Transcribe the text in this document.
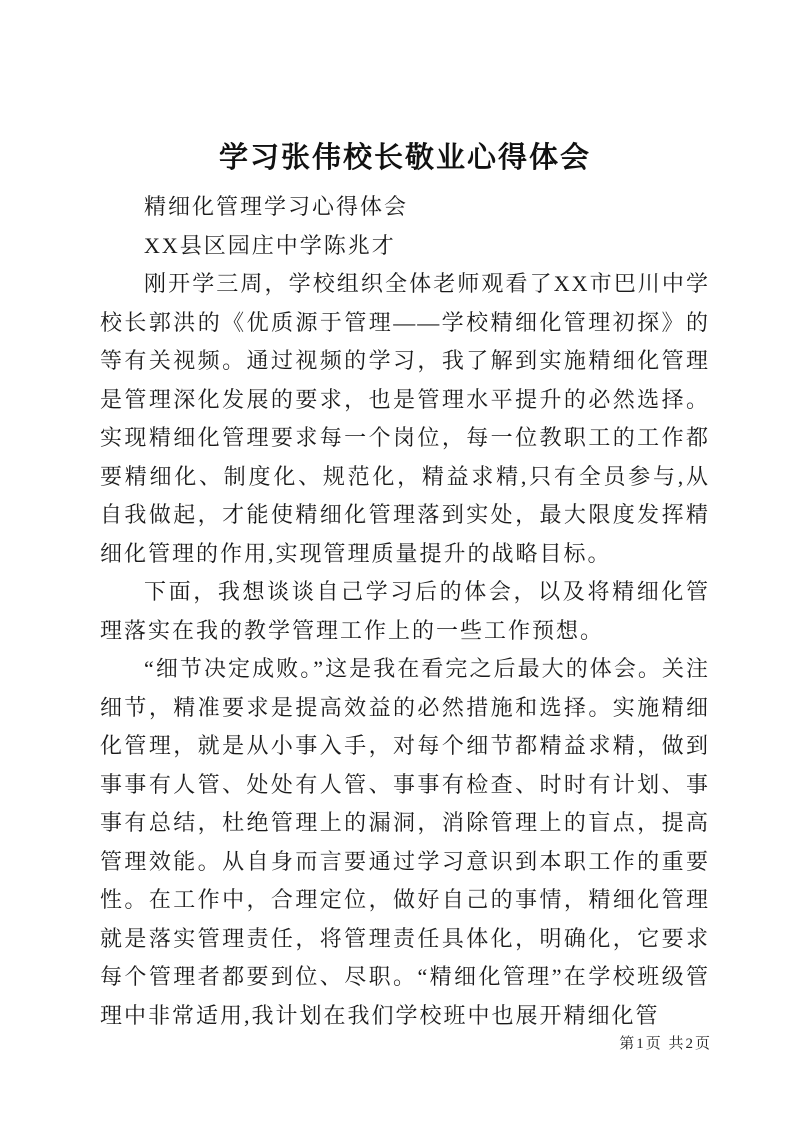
学习张伟校长敬业心得体会

精细化管理学习心得体会

XX县区园庄中学陈兆才

刚开学三周，学校组织全体老师观看了XX市巴川中学校长郭洪的《优质源于管理——学校精细化管理初探》的等有关视频。通过视频的学习，我了解到实施精细化管理是管理深化发展的要求，也是管理水平提升的必然选择。实现精细化管理要求每一个岗位，每一位教职工的工作都要精细化、制度化、规范化，精益求精,只有全员参与,从自我做起，才能使精细化管理落到实处，最大限度发挥精细化管理的作用,实现管理质量提升的战略目标。

下面，我想谈谈自己学习后的体会，以及将精细化管理落实在我的教学管理工作上的一些工作预想。

“细节决定成败。”这是我在看完之后最大的体会。关注细节，精准要求是提高效益的必然措施和选择。实施精细化管理，就是从小事入手，对每个细节都精益求精，做到事事有人管、处处有人管、事事有检查、时时有计划、事事有总结，杜绝管理上的漏洞，消除管理上的盲点，提高管理效能。从自身而言要通过学习意识到本职工作的重要性。在工作中，合理定位，做好自己的事情，精细化管理就是落实管理责任，将管理责任具体化，明确化，它要求每个管理者都要到位、尽职。“精细化管理”在学校班级管理中非常适用,我计划在我们学校班中也展开精细化管

第1页 共2页
